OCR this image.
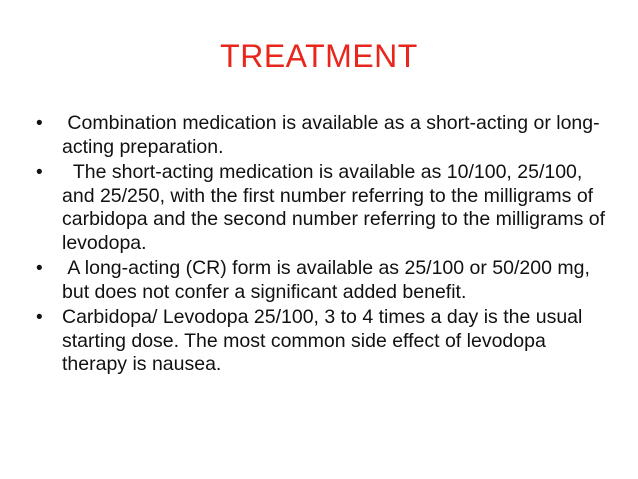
TREATMENT
• Combination medication is available as a short-acting or long-acting preparation.
• The short-acting medication is available as 10/100, 25/100, and 25/250, with the first number referring to the milligrams of carbidopa and the second number referring to the milligrams of levodopa.
• A long-acting (CR) form is available as 25/100 or 50/200 mg, but does not confer a significant added benefit.
• Carbidopa/ Levodopa 25/100, 3 to 4 times a day is the usual starting dose. The most common side effect of levodopa therapy is nausea.
